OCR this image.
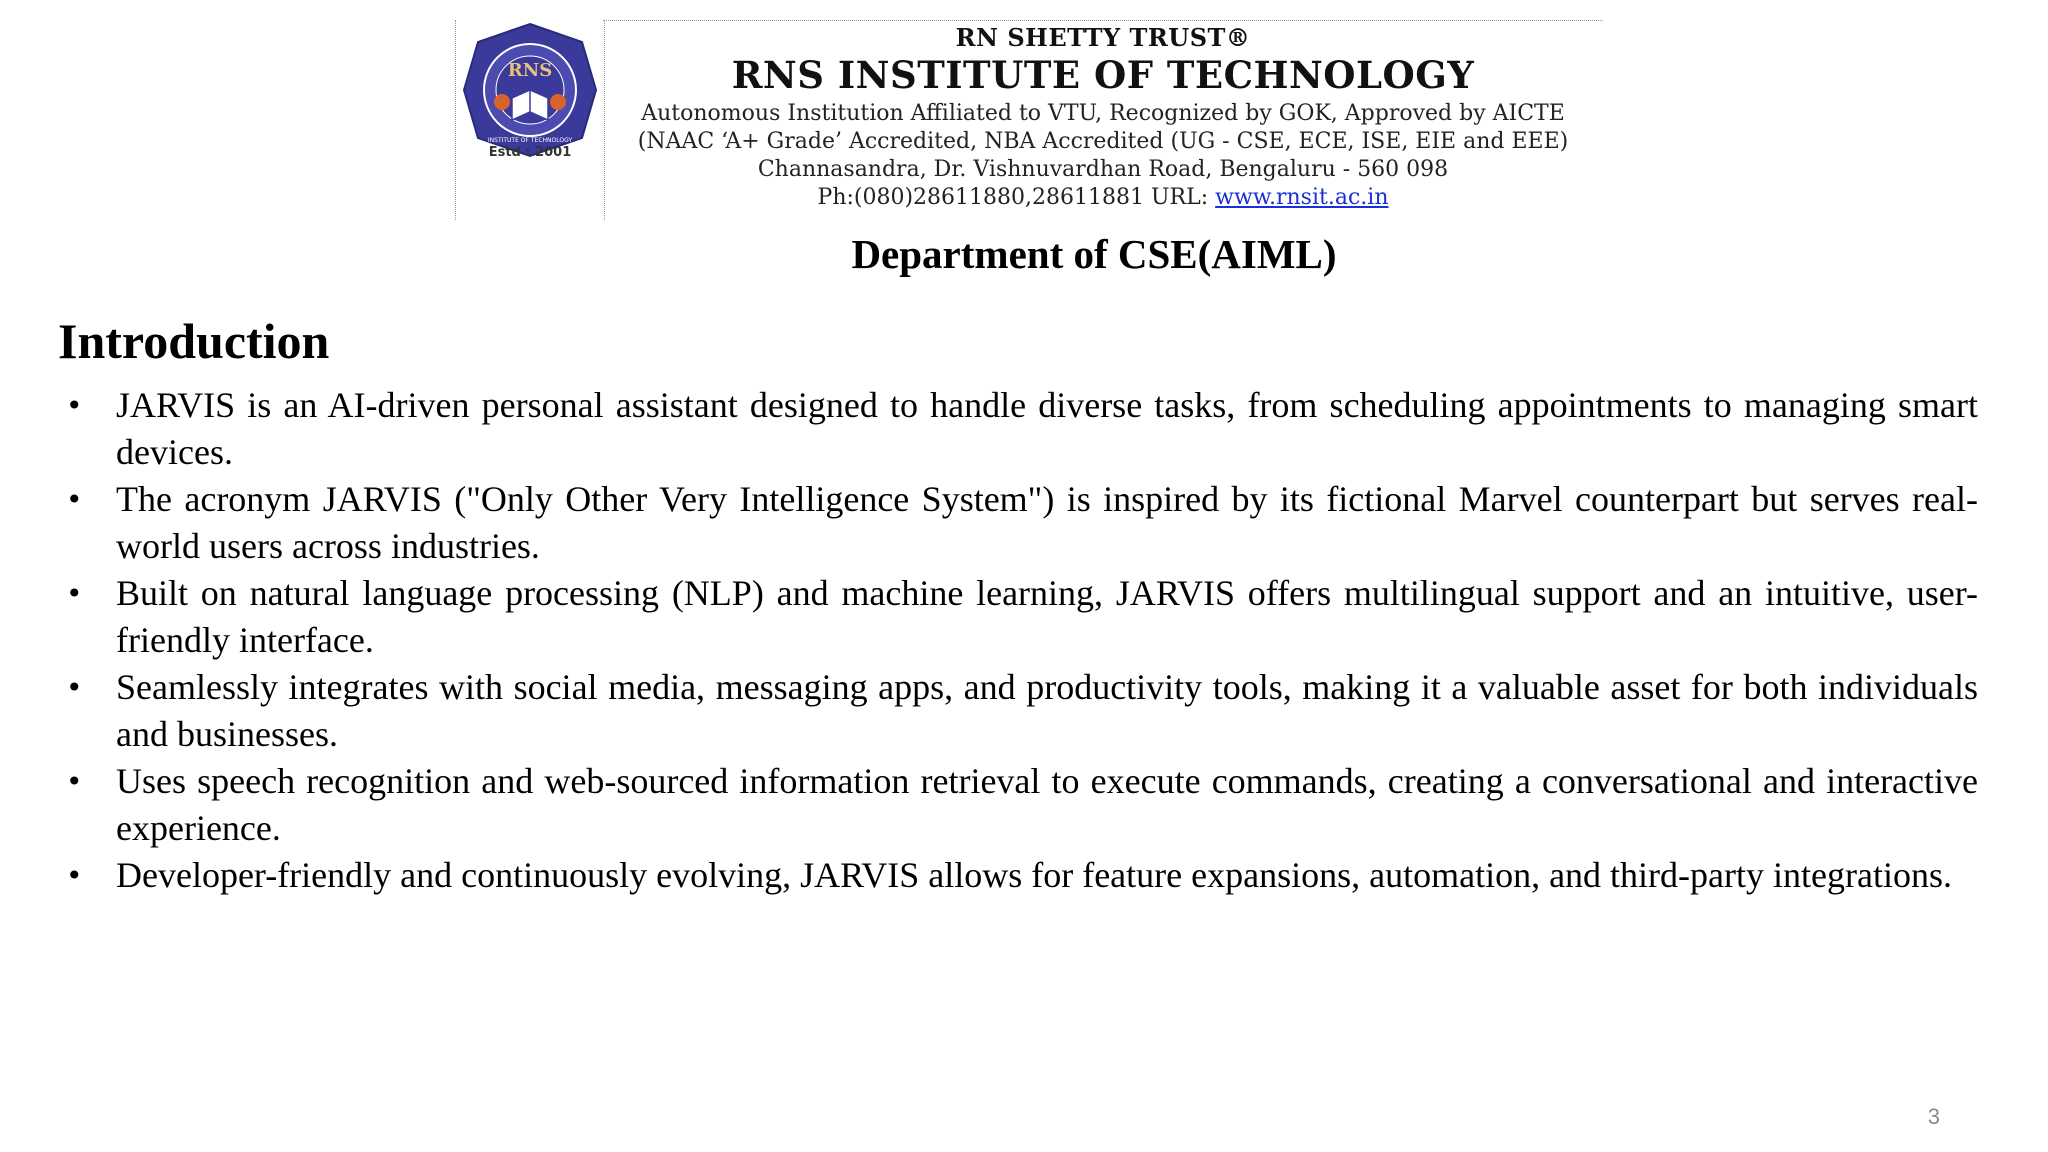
RNS
INSTITUTE OF TECHNOLOGY
Estd : 2001
RN SHETTY TRUST®
RNS INSTITUTE OF TECHNOLOGY
Autonomous Institution Affiliated to VTU, Recognized by GOK, Approved by AICTE
(NAAC ‘A+ Grade’ Accredited, NBA Accredited (UG - CSE, ECE, ISE, EIE and EEE)
Channasandra, Dr. Vishnuvardhan Road, Bengaluru - 560 098
Ph:(080)28611880,28611881 URL: www.rnsit.ac.in
Department of CSE(AIML)
Introduction
• JARVIS is an AI-driven personal assistant designed to handle diverse tasks, from scheduling appointments to managing smart devices.
• The acronym JARVIS ("Only Other Very Intelligence System") is inspired by its fictional Marvel counterpart but serves real-world users across industries.
• Built on natural language processing (NLP) and machine learning, JARVIS offers multilingual support and an intuitive, user-friendly interface.
• Seamlessly integrates with social media, messaging apps, and productivity tools, making it a valuable asset for both individuals and businesses.
• Uses speech recognition and web-sourced information retrieval to execute commands, creating a conversational and interactive experience.
• Developer-friendly and continuously evolving, JARVIS allows for feature expansions, automation, and third-party integrations.
3
